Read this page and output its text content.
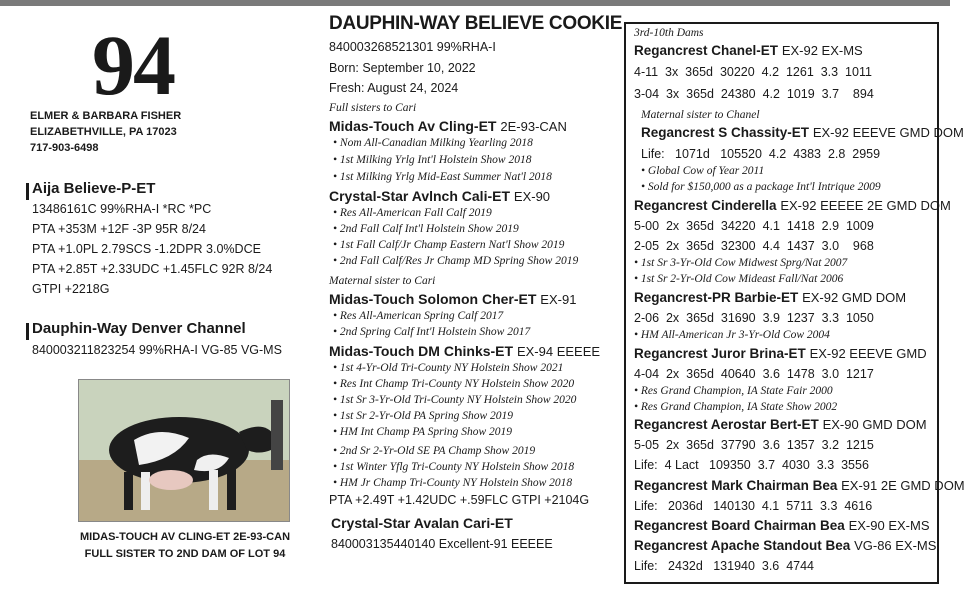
94
ELMER & BARBARA FISHER
ELIZABETHVILLE, PA 17023
717-903-6498
Aija Believe-P-ET
13486161C 99%RHA-I *RC *PC
PTA +353M +12F -3P 95R 8/24
PTA +1.0PL 2.79SCS -1.2DPR 3.0%DCE
PTA +2.85T +2.33UDC +1.45FLC 92R 8/24
GTPI +2218G
Dauphin-Way Denver Channel
840003211823254 99%RHA-I VG-85 VG-MS
MIDAS-TOUCH AV CLING-ET 2E-93-CAN
FULL SISTER TO 2ND DAM OF LOT 94
DAUPHIN-WAY BELIEVE COOKIE
840003268521301 99%RHA-I
Born: September 10, 2022
Fresh: August 24, 2024
Full sisters to Cari
Midas-Touch Av Cling-ET 2E-93-CAN
• Nom All-Canadian Milking Yearling 2018
• 1st Milking Yrlg Int'l Holstein Show 2018
• 1st Milking Yrlg Mid-East Summer Nat'l 2018
Crystal-Star Avlnch Cali-ET EX-90
• Res All-American Fall Calf 2019
• 2nd Fall Calf Int'l Holstein Show 2019
• 1st Fall Calf/Jr Champ Eastern Nat'l Show 2019
• 2nd Fall Calf/Res Jr Champ MD Spring Show 2019
Maternal sister to Cari
Midas-Touch Solomon Cher-ET EX-91
• Res All-American Spring Calf 2017
• 2nd Spring Calf Int'l Holstein Show 2017
Midas-Touch DM Chinks-ET EX-94 EEEEE
• 1st 4-Yr-Old Tri-County NY Holstein Show 2021
• Res Int Champ Tri-County NY Holstein Show 2020
• 1st Sr 3-Yr-Old Tri-County NY Holstein Show 2020
• 1st Sr 2-Yr-Old PA Spring Show 2019
• HM Int Champ PA Spring Show 2019
• 2nd Sr 2-Yr-Old SE PA Champ Show 2019
• 1st Winter Yflg Tri-County NY Holstein Show 2018
• HM Jr Champ Tri-County NY Holstein Show 2018
PTA +2.49T +1.42UDC +.59FLC GTPI +2104G
Crystal-Star Avalan Cari-ET
840003135440140 Excellent-91 EEEEE
3rd-10th Dams
Regancrest Chanel-ET EX-92 EX-MS
4-11  3x  365d  30220  4.2  1261  3.3  1011
3-04  3x  365d  24380  4.2  1019  3.7    894
Maternal sister to Chanel
Regancrest S Chassity-ET EX-92 EEEVE GMD DOM
Life:   1071d   105520  4.2  4383  2.8  2959
• Global Cow of Year 2011
• Sold for $150,000 as a package Int'l Intrique 2009
Regancrest Cinderella EX-92 EEEEE 2E GMD DOM
5-00  2x  365d  34220  4.1  1418  2.9  1009
2-05  2x  365d  32300  4.4  1437  3.0    968
• 1st Sr 3-Yr-Old Cow Midwest Sprg/Nat 2007
• 1st Sr 2-Yr-Old Cow Mideast Fall/Nat 2006
Regancrest-PR Barbie-ET EX-92 GMD DOM
2-06  2x  365d  31690  3.9  1237  3.3  1050
• HM All-American Jr 3-Yr-Old Cow 2004
Regancrest Juror Brina-ET EX-92 EEEVE GMD
4-04  2x  365d  40640  3.6  1478  3.0  1217
• Res Grand Champion, IA State Fair 2000
• Res Grand Champion, IA State Show 2002
Regancrest Aerostar Bert-ET EX-90 GMD DOM
5-05  2x  365d  37790  3.6  1357  3.2  1215
Life:  4 Lact   109350  3.7  4030  3.3  3556
Regancrest Mark Chairman Bea EX-91 2E GMD DOM
Life:   2036d   140130  4.1  5711  3.3  4616
Regancrest Board Chairman Bea EX-90 EX-MS
Regancrest Apache Standout Bea VG-86 EX-MS
Life:   2432d   131940  3.6  4744
